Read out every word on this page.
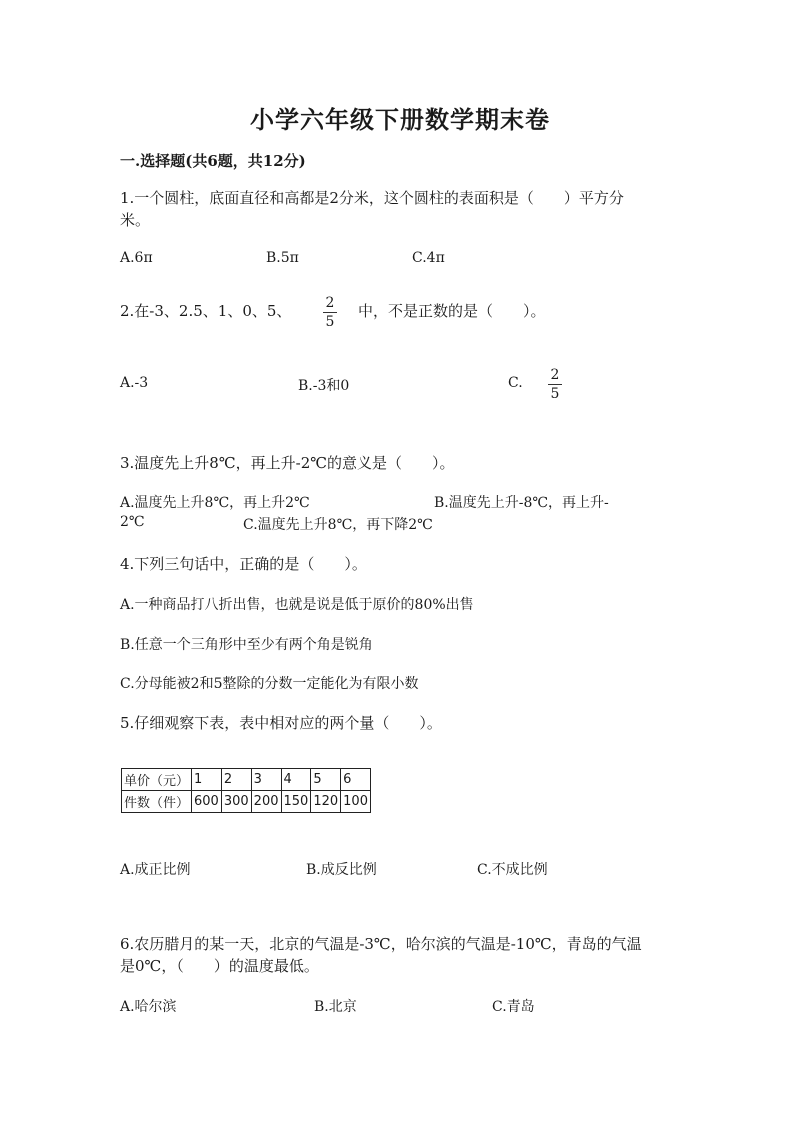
小学六年级下册数学期末卷
一.选择题(共6题，共12分)
1.一个圆柱，底面直径和高都是2分米，这个圆柱的表面积是（　　）平方分
米。
A.6π	B.5π	C.4π
2.在-3、2.5、1、0、5、 2
5
中，不是正数的是（　　）。
A.-3	B.-3和0	C. 2
5
3.温度先上升8℃，再上升-2℃的意义是（　　）。
A.温度先上升8℃，再上升2℃	B.温度先上升-8℃，再上升-
2℃	C.温度先上升8℃，再下降2℃
4.下列三句话中，正确的是（　　）。
A.一种商品打八折出售，也就是说是低于原价的80%出售
B.任意一个三角形中至少有两个角是锐角
C.分母能被2和5整除的分数一定能化为有限小数
5.仔细观察下表，表中相对应的两个量（　　）。
单价（元）	1	2	3	4	5	6
件数（件）	600	300	200	150	120	100
A.成正比例	B.成反比例	C.不成比例
6.农历腊月的某一天，北京的气温是-3℃，哈尔滨的气温是-10℃，青岛的气温
是0℃，（　　）的温度最低。
A.哈尔滨	B.北京	C.青岛
